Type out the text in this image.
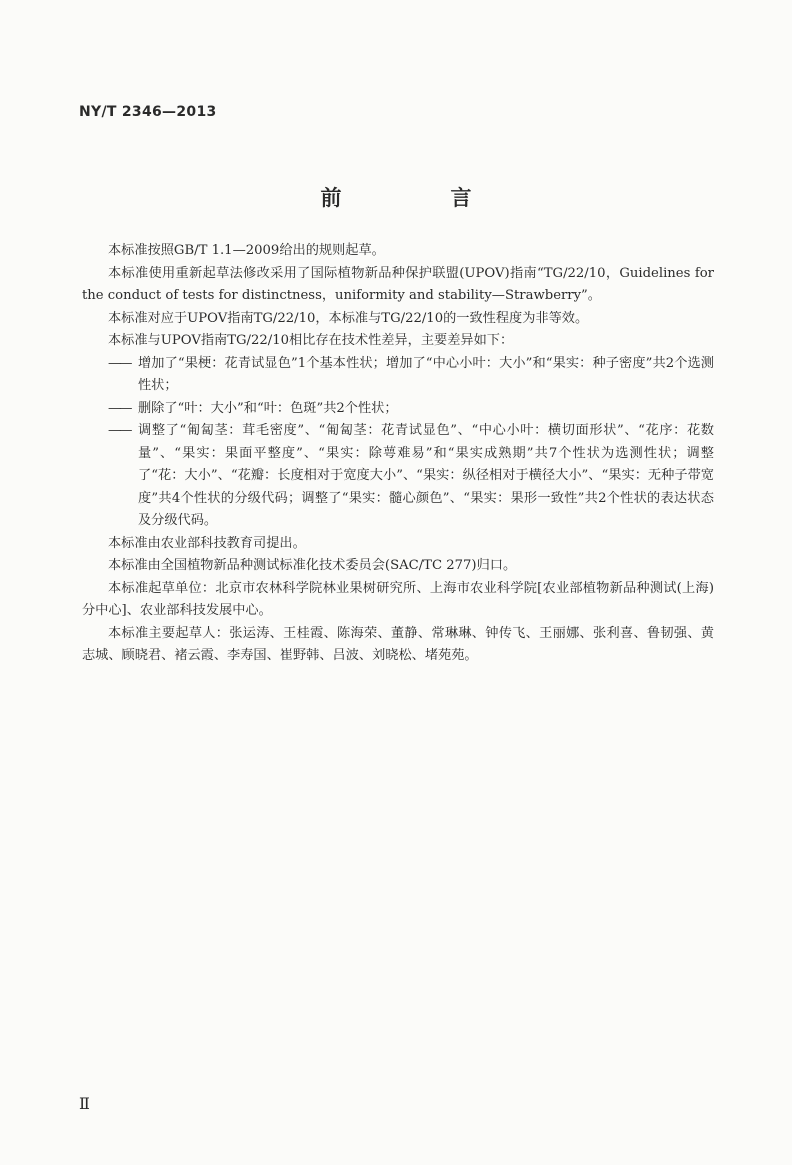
NY/T 2346—2013
前　言

本标准按照GB/T 1.1—2009给出的规则起草。

本标准使用重新起草法修改采用了国际植物新品种保护联盟(UPOV)指南“TG/22/10，Guidelines for the conduct of tests for distinctness，uniformity and stability—Strawberry”。

本标准对应于UPOV指南TG/22/10，本标准与TG/22/10的一致性程度为非等效。

本标准与UPOV指南TG/22/10相比存在技术性差异，主要差异如下：

—— 增加了“果梗：花青试显色”1个基本性状；增加了“中心小叶：大小”和“果实：种子密度”共2个选测性状；

—— 删除了“叶：大小”和“叶：色斑”共2个性状；

—— 调整了“匍匐茎：茸毛密度”、“匍匐茎：花青试显色”、“中心小叶：横切面形状”、“花序：花数量”、“果实：果面平整度”、“果实：除萼难易”和“果实成熟期”共7个性状为选测性状；调整了“花：大小”、“花瓣：长度相对于宽度大小”、“果实：纵径相对于横径大小”、“果实：无种子带宽度”共4个性状的分级代码；调整了“果实：髓心颜色”、“果实：果形一致性”共2个性状的表达状态及分级代码。

本标准由农业部科技教育司提出。

本标准由全国植物新品种测试标准化技术委员会(SAC/TC 277)归口。

本标准起草单位：北京市农林科学院林业果树研究所、上海市农业科学院[农业部植物新品种测试(上海)分中心]、农业部科技发展中心。

本标准主要起草人：张运涛、王桂霞、陈海荣、董静、常琳琳、钟传飞、王丽娜、张利喜、鲁韧强、黄志城、顾晓君、褚云霞、李寿国、崔野韩、吕波、刘晓松、堵苑苑。

Ⅱ
